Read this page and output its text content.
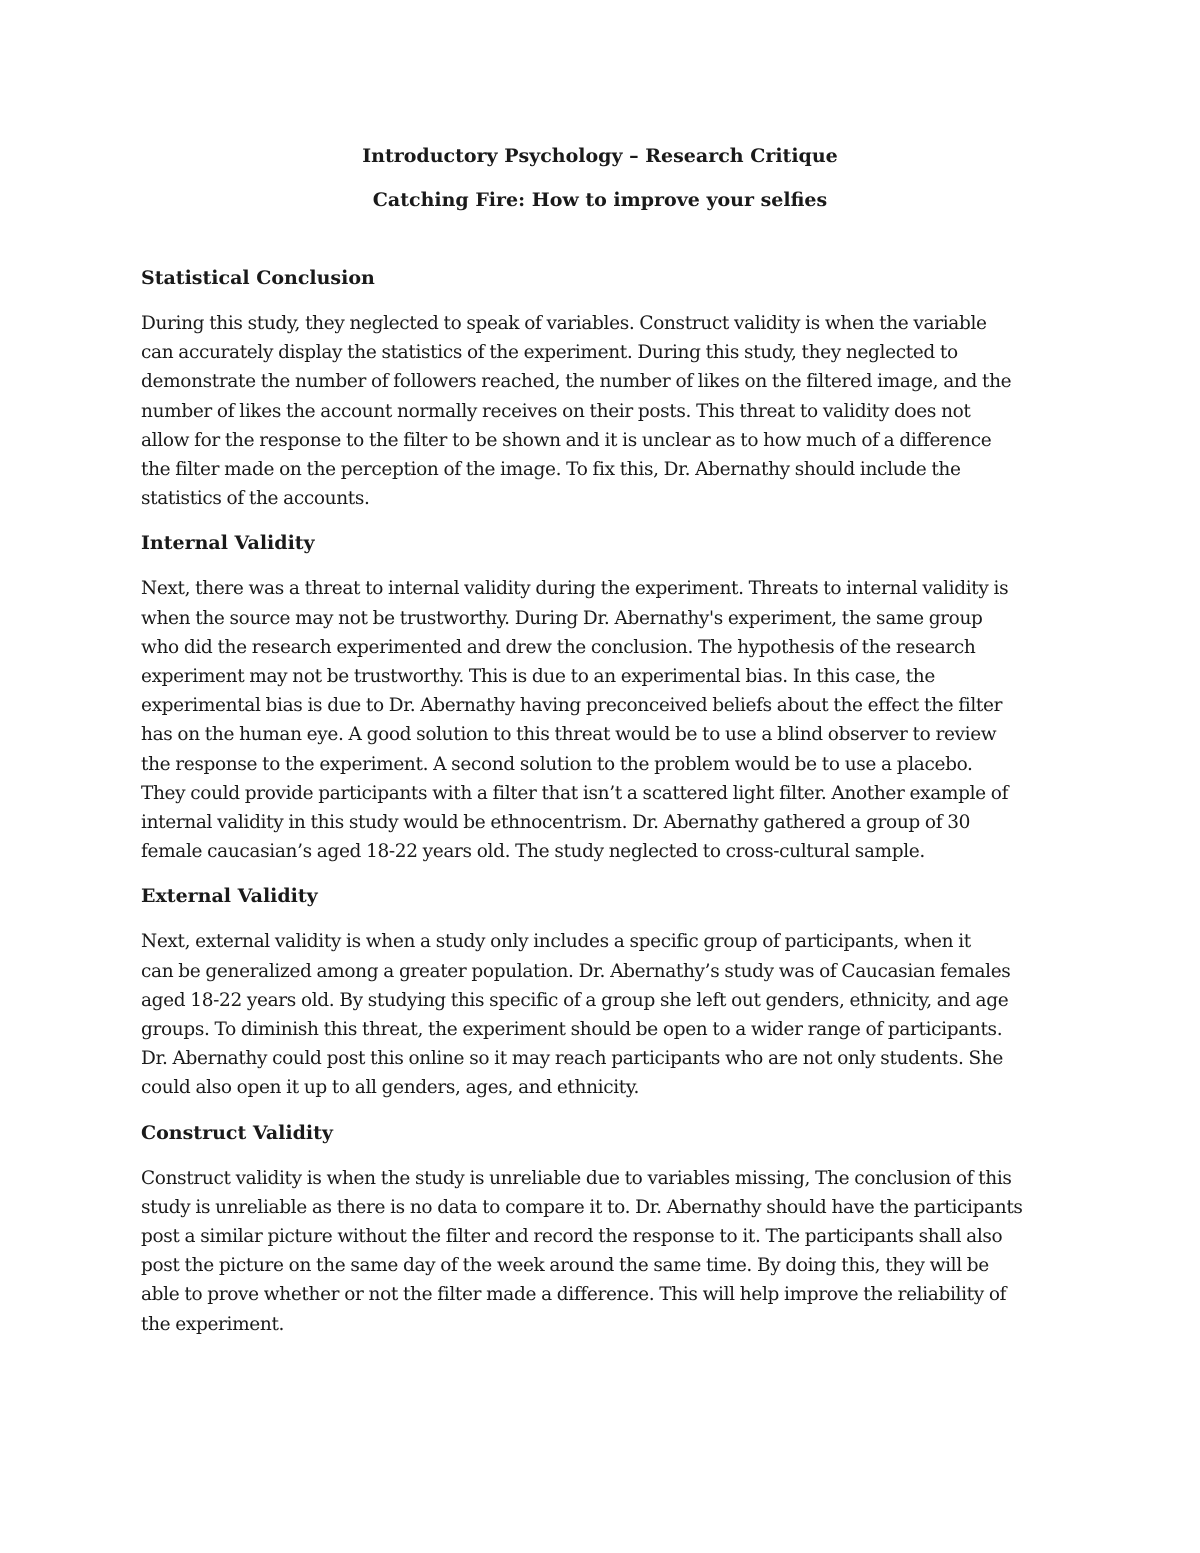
Introductory Psychology – Research Critique

Catching Fire: How to improve your selfies

Statistical Conclusion

During this study, they neglected to speak of variables. Construct validity is when the variable
can accurately display the statistics of the experiment. During this study, they neglected to
demonstrate the number of followers reached, the number of likes on the filtered image, and the
number of likes the account normally receives on their posts. This threat to validity does not
allow for the response to the filter to be shown and it is unclear as to how much of a difference
the filter made on the perception of the image. To fix this, Dr. Abernathy should include the
statistics of the accounts.

Internal Validity

Next, there was a threat to internal validity during the experiment. Threats to internal validity is
when the source may not be trustworthy. During Dr. Abernathy's experiment, the same group
who did the research experimented and drew the conclusion. The hypothesis of the research
experiment may not be trustworthy. This is due to an experimental bias. In this case, the
experimental bias is due to Dr. Abernathy having preconceived beliefs about the effect the filter
has on the human eye. A good solution to this threat would be to use a blind observer to review
the response to the experiment. A second solution to the problem would be to use a placebo.
They could provide participants with a filter that isn’t a scattered light filter. Another example of
internal validity in this study would be ethnocentrism. Dr. Abernathy gathered a group of 30
female caucasian’s aged 18-22 years old. The study neglected to cross-cultural sample.

External Validity

Next, external validity is when a study only includes a specific group of participants, when it
can be generalized among a greater population. Dr. Abernathy’s study was of Caucasian females
aged 18-22 years old. By studying this specific of a group she left out genders, ethnicity, and age
groups. To diminish this threat, the experiment should be open to a wider range of participants.
Dr. Abernathy could post this online so it may reach participants who are not only students. She
could also open it up to all genders, ages, and ethnicity.

Construct Validity

Construct validity is when the study is unreliable due to variables missing, The conclusion of this
study is unreliable as there is no data to compare it to. Dr. Abernathy should have the participants
post a similar picture without the filter and record the response to it. The participants shall also
post the picture on the same day of the week around the same time. By doing this, they will be
able to prove whether or not the filter made a difference. This will help improve the reliability of
the experiment.
